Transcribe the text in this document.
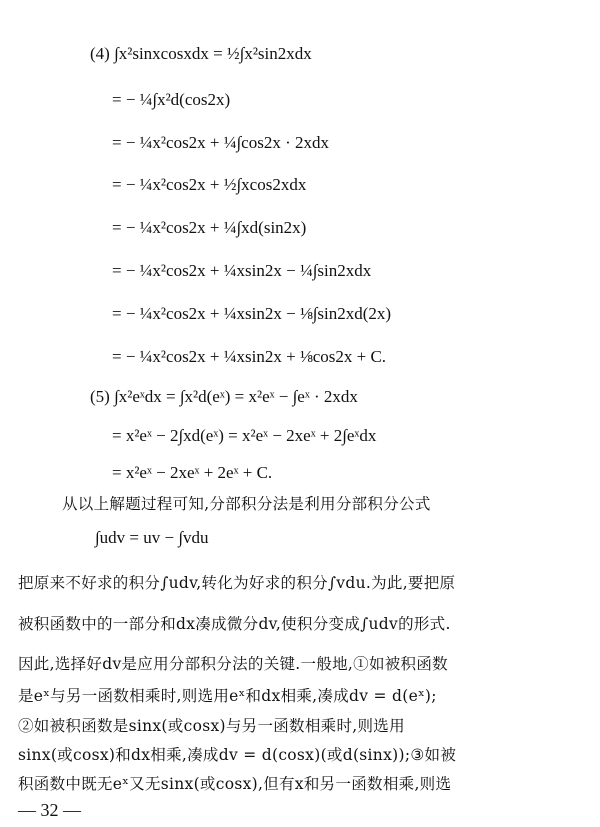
(4) ∫x²sinxcosxdx = ½∫x²sin2xdx
= − ¼∫x²d(cos2x)
= − ¼x²cos2x + ¼∫cos2x · 2xdx
= − ¼x²cos2x + ½∫xcos2xdx
= − ¼x²cos2x + ¼∫xd(sin2x)
= − ¼x²cos2x + ¼xsin2x − ¼∫sin2xdx
= − ¼x²cos2x + ¼xsin2x − ⅛∫sin2xd(2x)
= − ¼x²cos2x + ¼xsin2x + ⅛cos2x + C.
(5) ∫x²eˣdx = ∫x²d(eˣ) = x²eˣ − ∫eˣ · 2xdx
= x²eˣ − 2∫xd(eˣ) = x²eˣ − 2xeˣ + 2∫eˣdx
= x²eˣ − 2xeˣ + 2eˣ + C.
从以上解题过程可知,分部积分法是利用分部积分公式
∫udv = uv − ∫vdu
把原来不好求的积分∫udv,转化为好求的积分∫vdu.为此,要把原
被积函数中的一部分和dx凑成微分dv,使积分变成∫udv的形式.
因此,选择好dv是应用分部积分法的关键.一般地,①如被积函数
是eˣ与另一函数相乘时,则选用eˣ和dx相乘,凑成dv = d(eˣ);
②如被积函数是sinx(或cosx)与另一函数相乘时,则选用
sinx(或cosx)和dx相乘,凑成dv = d(cosx)(或d(sinx));③如被
积函数中既无eˣ又无sinx(或cosx),但有x和另一函数相乘,则选
— 32 —
